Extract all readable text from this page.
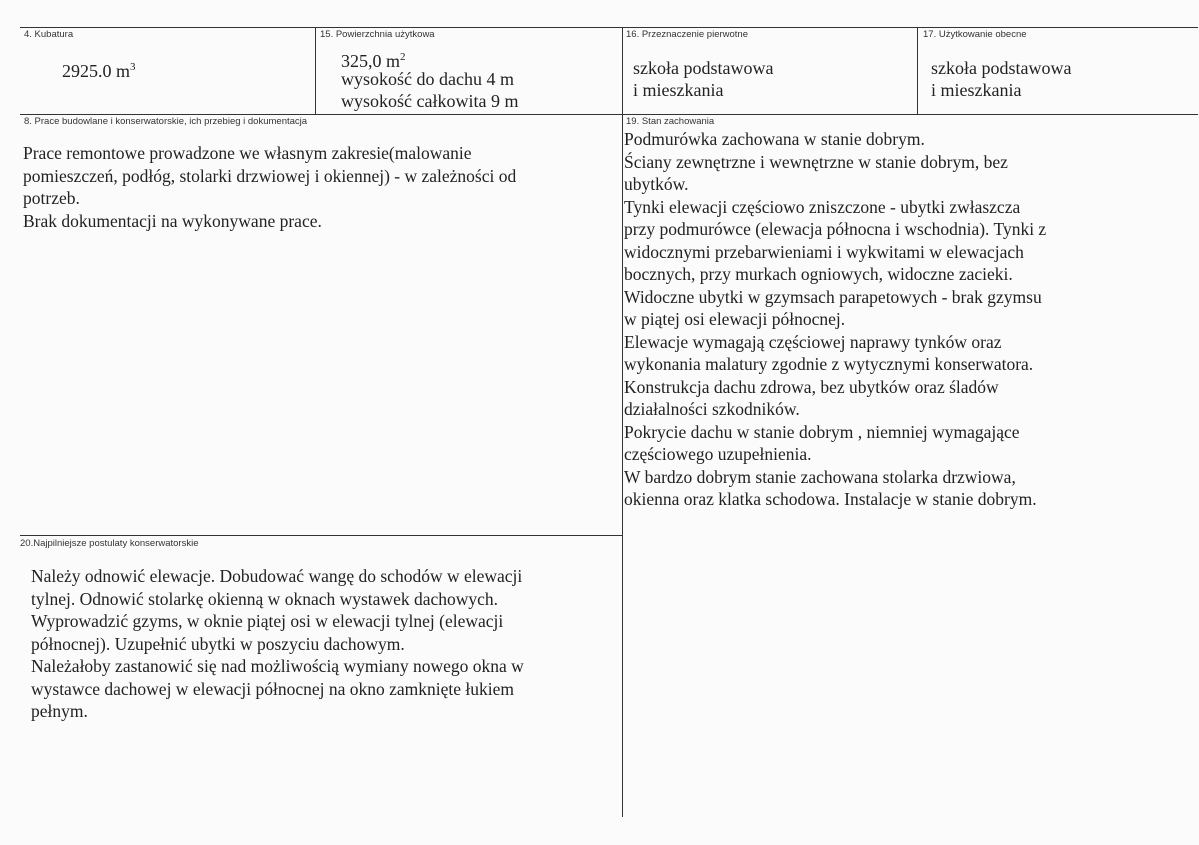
4. Kubatura
2925.0 $m^3$
15. Powierzchnia użytkowa
325,0 $m^2$
wysokość do dachu 4 m
wysokość całkowita 9 m
16. Przeznaczenie pierwotne
szkoła podstawowa
i mieszkania
17. Użytkowanie obecne
szkoła podstawowa
i mieszkania
8. Prace budowlane i konserwatorskie, ich przebieg i dokumentacja
Prace remontowe prowadzone we własnym zakresie(malowanie
pomieszczeń, podłóg, stolarki drzwiowej i okiennej) - w zależności od
potrzeb.
Brak dokumentacji na wykonywane prace.
19. Stan zachowania
Podmurówka zachowana w stanie dobrym.
Ściany zewnętrzne i wewnętrzne w stanie dobrym, bez
ubytków.
Tynki elewacji częściowo zniszczone - ubytki zwłaszcza
przy podmurówce (elewacja północna i wschodnia). Tynki z
widocznymi przebarwieniami i wykwitami w elewacjach
bocznych, przy murkach ogniowych, widoczne zacieki.
Widoczne ubytki w gzymsach parapetowych - brak gzymsu
w piątej osi elewacji północnej.
Elewacje wymagają częściowej naprawy tynków oraz
wykonania malatury zgodnie z wytycznymi konserwatora.
Konstrukcja dachu zdrowa, bez ubytków oraz śladów
działalności szkodników.
Pokrycie dachu w stanie dobrym , niemniej wymagające
częściowego uzupełnienia.
W bardzo dobrym stanie zachowana stolarka drzwiowa,
okienna oraz klatka schodowa. Instalacje w stanie dobrym.
20.Najpilniejsze postulaty konserwatorskie
Należy odnowić elewacje. Dobudować wangę do schodów w elewacji
tylnej. Odnowić stolarkę okienną w oknach wystawek dachowych.
Wyprowadzić gzyms, w oknie piątej osi w elewacji tylnej (elewacji
północnej). Uzupełnić ubytki w poszyciu dachowym.
Należałoby zastanowić się nad możliwością wymiany nowego okna w
wystawce dachowej w elewacji północnej na okno zamknięte łukiem
pełnym.
